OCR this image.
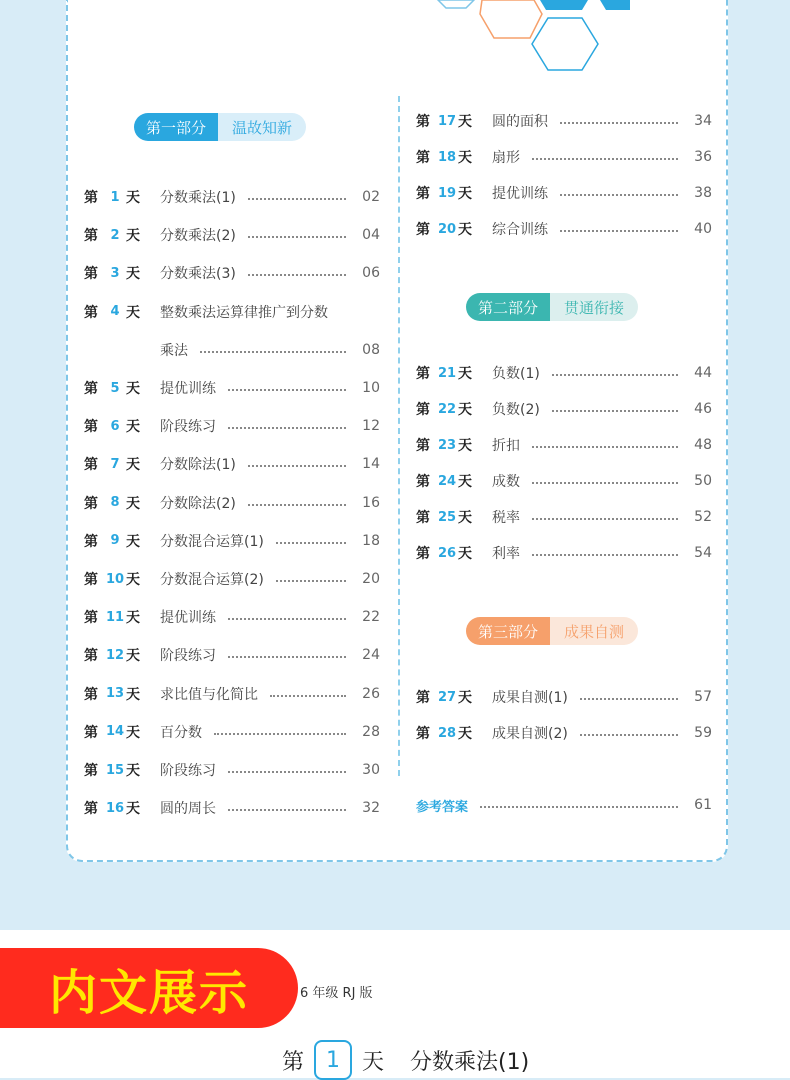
第一部分	温故知新
第 1 天	分数乘法(1)	02
第 2 天	分数乘法(2)	04
第 3 天	分数乘法(3)	06
第 4 天	整数乘法运算律推广到分数
乘法	08
第 5 天	提优训练	10
第 6 天	阶段练习	12
第 7 天	分数除法(1)	14
第 8 天	分数除法(2)	16
第 9 天	分数混合运算(1)	18
第 10 天	分数混合运算(2)	20
第 11 天	提优训练	22
第 12 天	阶段练习	24
第 13 天	求比值与化简比	26
第 14 天	百分数	28
第 15 天	阶段练习	30
第 16 天	圆的周长	32
第 17 天	圆的面积	34
第 18 天	扇形	36
第 19 天	提优训练	38
第 20 天	综合训练	40
第二部分	贯通衔接
第 21 天	负数(1)	44
第 22 天	负数(2)	46
第 23 天	折扣	48
第 24 天	成数	50
第 25 天	税率	52
第 26 天	利率	54
第三部分	成果自测
第 27 天	成果自测(1)	57
第 28 天	成果自测(2)	59
参考答案	61
内文展示	6 年级 RJ 版
第 1 天 分数乘法(1)
